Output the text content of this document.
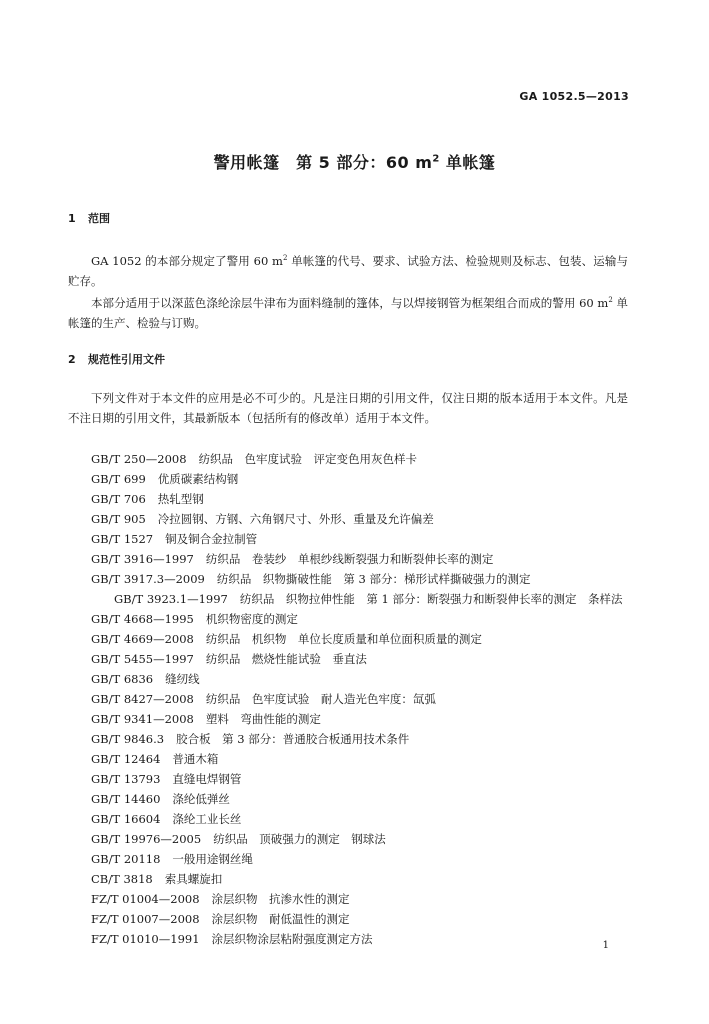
GA 1052.5—2013
警用帐篷　第 5 部分：60 $m^2$ 单帐篷
1 范围

GA 1052 的本部分规定了警用 60 $m^2$ 单帐篷的代号、要求、试验方法、检验规则及标志、包装、运输与贮存。

本部分适用于以深蓝色涤纶涂层牛津布为面料缝制的篷体，与以焊接钢管为框架组合而成的警用 60 $m^2$ 单帐篷的生产、检验与订购。

2 规范性引用文件

下列文件对于本文件的应用是必不可少的。凡是注日期的引用文件，仅注日期的版本适用于本文件。凡是不注日期的引用文件，其最新版本（包括所有的修改单）适用于本文件。

GB/T 250—2008 纺织品　色牢度试验　评定变色用灰色样卡
GB/T 699 优质碳素结构钢
GB/T 706 热轧型钢
GB/T 905 冷拉圆钢、方钢、六角钢尺寸、外形、重量及允许偏差
GB/T 1527 铜及铜合金拉制管
GB/T 3916—1997 纺织品　卷装纱　单根纱线断裂强力和断裂伸长率的测定
GB/T 3917.3—2009 纺织品　织物撕破性能　第 3 部分：梯形试样撕破强力的测定
GB/T 3923.1—1997 纺织品　织物拉伸性能　第 1 部分：断裂强力和断裂伸长率的测定　条样法
GB/T 4668—1995 机织物密度的测定
GB/T 4669—2008 纺织品　机织物　单位长度质量和单位面积质量的测定
GB/T 5455—1997 纺织品　燃烧性能试验　垂直法
GB/T 6836 缝纫线
GB/T 8427—2008 纺织品　色牢度试验　耐人造光色牢度：氙弧
GB/T 9341—2008 塑料　弯曲性能的测定
GB/T 9846.3 胶合板　第 3 部分：普通胶合板通用技术条件
GB/T 12464 普通木箱
GB/T 13793 直缝电焊钢管
GB/T 14460 涤纶低弹丝
GB/T 16604 涤纶工业长丝
GB/T 19976—2005 纺织品　顶破强力的测定　钢球法
GB/T 20118 一般用途钢丝绳
CB/T 3818 索具螺旋扣
FZ/T 01004—2008 涂层织物　抗渗水性的测定
FZ/T 01007—2008 涂层织物　耐低温性的测定
FZ/T 01010—1991 涂层织物涂层粘附强度测定方法	1
